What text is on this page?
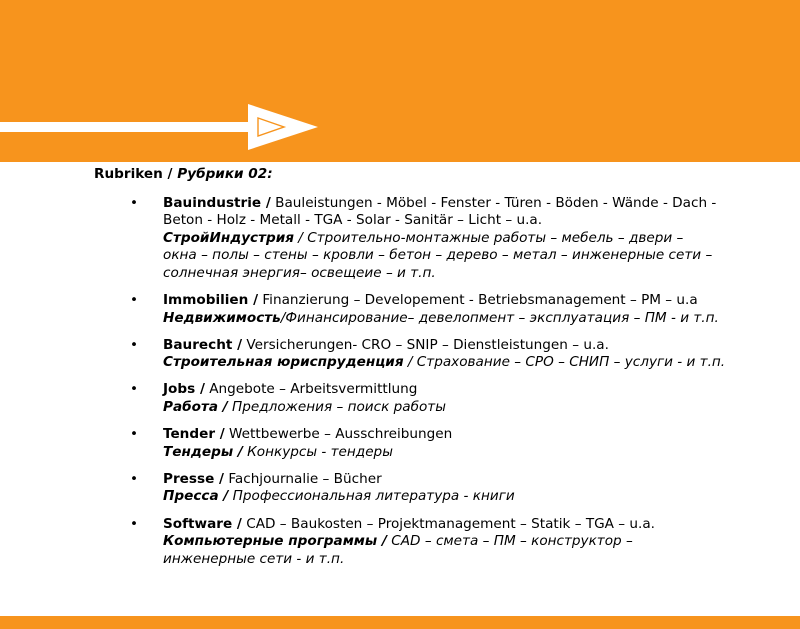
Rubriken / Рубрики 02:
• Bauindustrie / Bauleistungen - Möbel - Fenster - Türen - Böden - Wände - Dach -
Beton - Holz - Metall - TGA - Solar - Sanitär – Licht – u.a.
СтройИндустрия / Строительно-монтажные работы – мебель – двери –
окна – полы – стены – кровли – бетон – дерево – метал – инженерные сети –
солнечная энергия– освещеие – и т.п.
• Immobilien / Finanzierung – Developement - Betriebsmanagement – PM – u.a
Недвижимость/Финансирование– девелопмент – эксплуатация – ПМ - и т.п.
• Baurecht / Versicherungen- CRO – SNIP – Dienstleistungen – u.a.
Строительная юриспруденция / Страхование – СРО – СНИП – услуги - и т.п.
• Jobs / Angebote – Arbeitsvermittlung
Работа / Предложения – поиск работы
• Tender / Wettbewerbe – Ausschreibungen
Тендеры / Конкурсы - тендеры
• Presse / Fachjournalie – Bücher
Пресса / Профессиональная литература - книги
• Software / CAD – Baukosten – Projektmanagement – Statik – TGA – u.a.
Компьютерные программы / CAD – смета – ПМ – конструктор –
инженерные сети - и т.п.
